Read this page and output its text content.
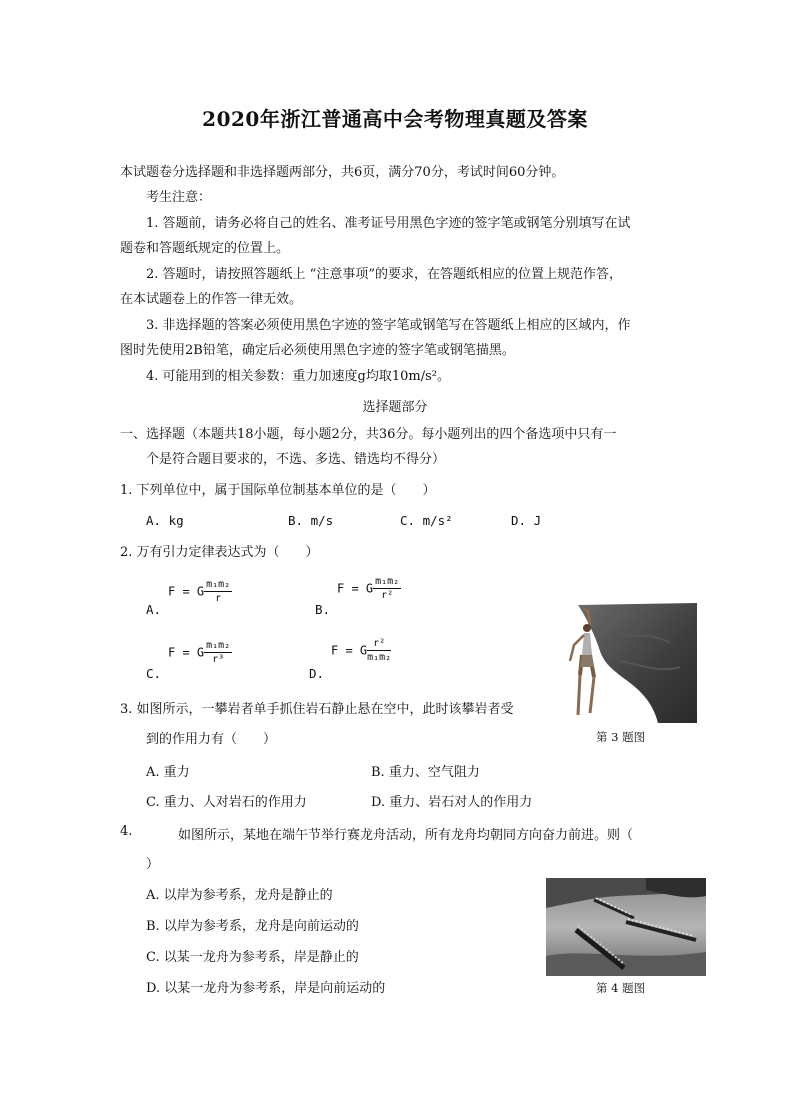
2020年浙江普通高中会考物理真题及答案
本试题卷分选择题和非选择题两部分，共6页，满分70分，考试时间60分钟。
考生注意：
1. 答题前，请务必将自己的姓名、准考证号用黑色字迹的签字笔或钢笔分别填写在试
题卷和答题纸规定的位置上。
2. 答题时，请按照答题纸上 “注意事项”的要求，在答题纸相应的位置上规范作答，
在本试题卷上的作答一律无效。
3. 非选择题的答案必须使用黑色字迹的签字笔或钢笔写在答题纸上相应的区域内，作
图时先使用2B铅笔，确定后必须使用黑色字迹的签字笔或钢笔描黑。
4. 可能用到的相关参数：重力加速度g均取10m/s²。
选择题部分
一、选择题（本题共18小题，每小题2分，共36分。每小题列出的四个备选项中只有一
个是符合题目要求的，不选、多选、错选均不得分）
1. 下列单位中，属于国际单位制基本单位的是（　　）
A. kg	B. m/s	C. m/s²	D. J
2. 万有引力定律表达式为（　　）
A.
F = G $\frac{\text{m₁m₂}}{r}$
B.
F = G $\frac{\text{m₁m₂}}{\text{r²}}$
C.
F = G $\frac{\text{m₁m₂}}{\text{r³}}$
D.
F = G $\frac{\text{r²}}{\text{m₁m₂}}$
第 3 题图
3. 如图所示，一攀岩者单手抓住岩石静止悬在空中，此时该攀岩者受
到的作用力有（　　）
A. 重力	B. 重力、空气阻力
C. 重力、人对岩石的作用力	D. 重力、岩石对人的作用力
4.	如图所示，某地在端午节举行赛龙舟活动，所有龙舟均朝同方向奋力前进。则（
）
A. 以岸为参考系，龙舟是静止的
B. 以岸为参考系，龙舟是向前运动的
C. 以某一龙舟为参考系，岸是静止的
D. 以某一龙舟为参考系，岸是向前运动的	第 4 题图
